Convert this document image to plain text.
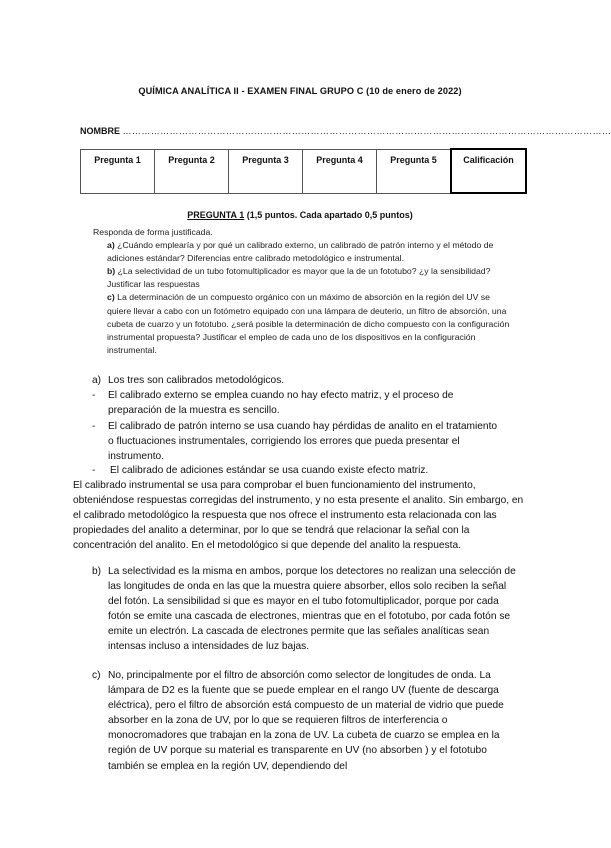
QUÍMICA ANALÍTICA II - EXAMEN FINAL GRUPO C (10 de enero de 2022)
NOMBRE …………………………………………………………………………………………………………………………………………
Pregunta 1	Pregunta 2	Pregunta 3	Pregunta 4	Pregunta 5	Calificación
PREGUNTA 1 (1,5 puntos. Cada apartado 0,5 puntos)

Responda de forma justificada.

a) ¿Cuándo emplearía y por qué un calibrado externo, un calibrado de patrón interno y el método de adiciones estándar? Diferencias entre calibrado metodológico e instrumental.

b) ¿La selectividad de un tubo fotomultiplicador es mayor que la de un fototubo? ¿y la sensibilidad? Justificar las respuestas

c) La determinación de un compuesto orgánico con un máximo de absorción en la región del UV se quiere llevar a cabo con un fotómetro equipado con una lámpara de deuterio, un filtro de absorción, una cubeta de cuarzo y un fototubo. ¿será posible la determinación de dicho compuesto con la configuración instrumental propuesta? Justificar el empleo de cada uno de los dispositivos en la configuración instrumental.

a) Los tres son calibrados metodológicos.
-	El calibrado externo se emplea cuando no hay efecto matriz, y el proceso de preparación de la muestra es sencillo.
-	El calibrado de patrón interno se usa cuando hay pérdidas de analito en el tratamiento o fluctuaciones instrumentales, corrigiendo los errores que pueda presentar el instrumento.
-	El calibrado de adiciones estándar se usa cuando existe efecto matriz.
El calibrado instrumental se usa para comprobar el buen funcionamiento del instrumento, obteniéndose respuestas corregidas del instrumento, y no esta presente el analito. Sin embargo, en el calibrado metodológico la respuesta que nos ofrece el instrumento esta relacionada con las propiedades del analito a determinar, por lo que se tendrá que relacionar la señal con la concentración del analito. En el metodológico si que depende del analito la respuesta.
b) La selectividad es la misma en ambos, porque los detectores no realizan una selección de las longitudes de onda en las que la muestra quiere absorber, ellos solo reciben la señal del fotón. La sensibilidad si que es mayor en el tubo fotomultiplicador, porque por cada fotón se emite una cascada de electrones, mientras que en el fototubo, por cada fotón se emite un electrón. La cascada de electrones permite que las señales analíticas sean intensas incluso a intensidades de luz bajas.
c) No, principalmente por el filtro de absorción como selector de longitudes de onda. La lámpara de D2 es la fuente que se puede emplear en el rango UV (fuente de descarga eléctrica), pero el filtro de absorción está compuesto de un material de vidrio que puede absorber en la zona de UV, por lo que se requieren filtros de interferencia o monocromadores que trabajan en la zona de UV. La cubeta de cuarzo se emplea en la región de UV porque su material es transparente en UV (no absorben ) y el fototubo también se emplea en la región UV, dependiendo del
